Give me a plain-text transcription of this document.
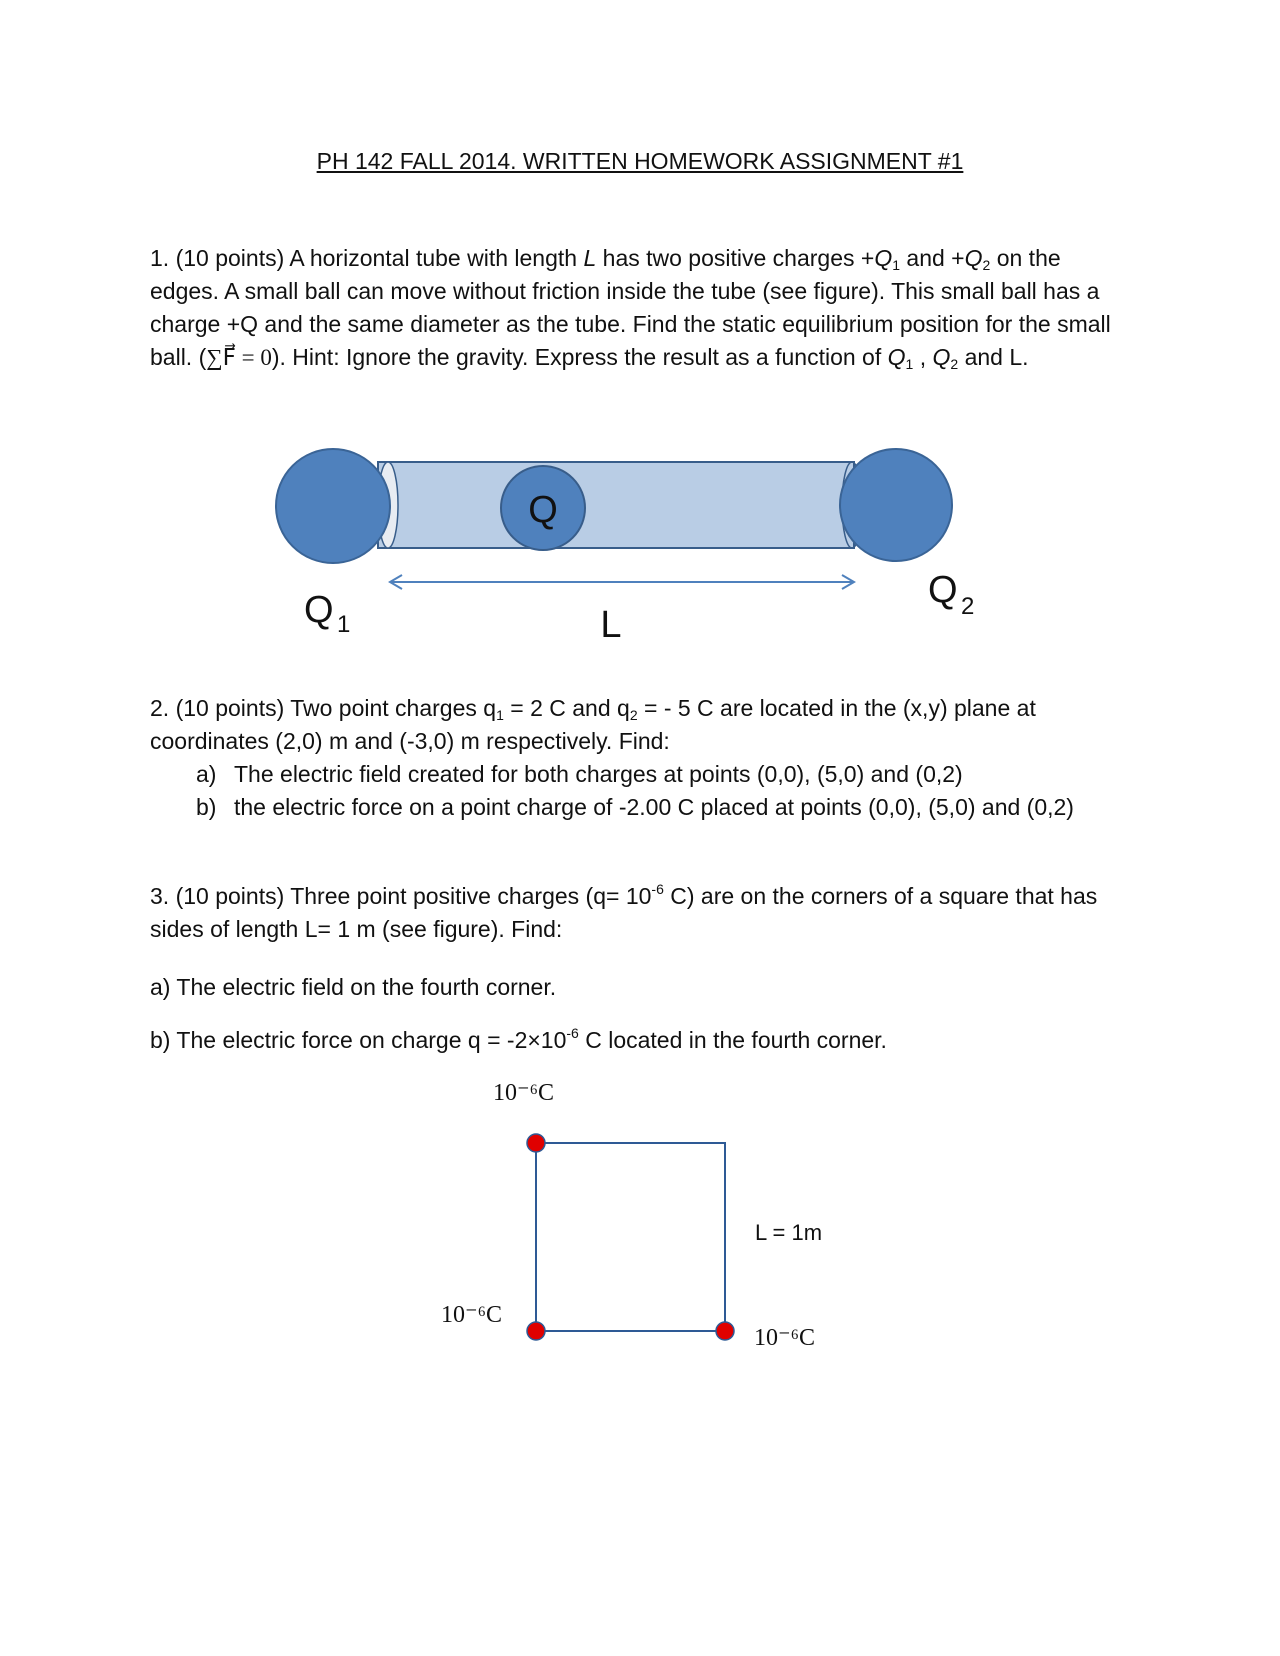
PH 142 FALL 2014. WRITTEN HOMEWORK ASSIGNMENT #1
1. (10 points) A horizontal tube with length L has two positive charges $+Q_1$ and $+Q_2$ on the edges. A small ball can move without friction inside the tube (see figure). This small ball has a charge +Q and the same diameter as the tube. Find the static equilibrium position for the small ball. (∑F⃗ = 0). Hint: Ignore the gravity. Express the result as a function of $Q_1$ , $Q_2$ and L.
Q
Q 1
Q 2
L
10⁻⁶C
10⁻⁶C
10⁻⁶C
L = 1m
2. (10 points) Two point charges $q_1 = 2$ C and $q_2$ = - 5 C are located in the (x,y) plane at coordinates (2,0) m and (-3,0) m respectively. Find:
a) The electric field created for both charges at points (0,0), (5,0) and (0,2)
b) the electric force on a point charge of -2.00 C placed at points (0,0), (5,0) and (0,2)
3. (10 points) Three point positive charges ($q= 10^{-6}$ C) are on the corners of a square that has sides of length L= 1 m (see figure). Find:
a) The electric field on the fourth corner.
b) The electric force on charge $q = -2\times 10^{-6}$ C located in the fourth corner.
